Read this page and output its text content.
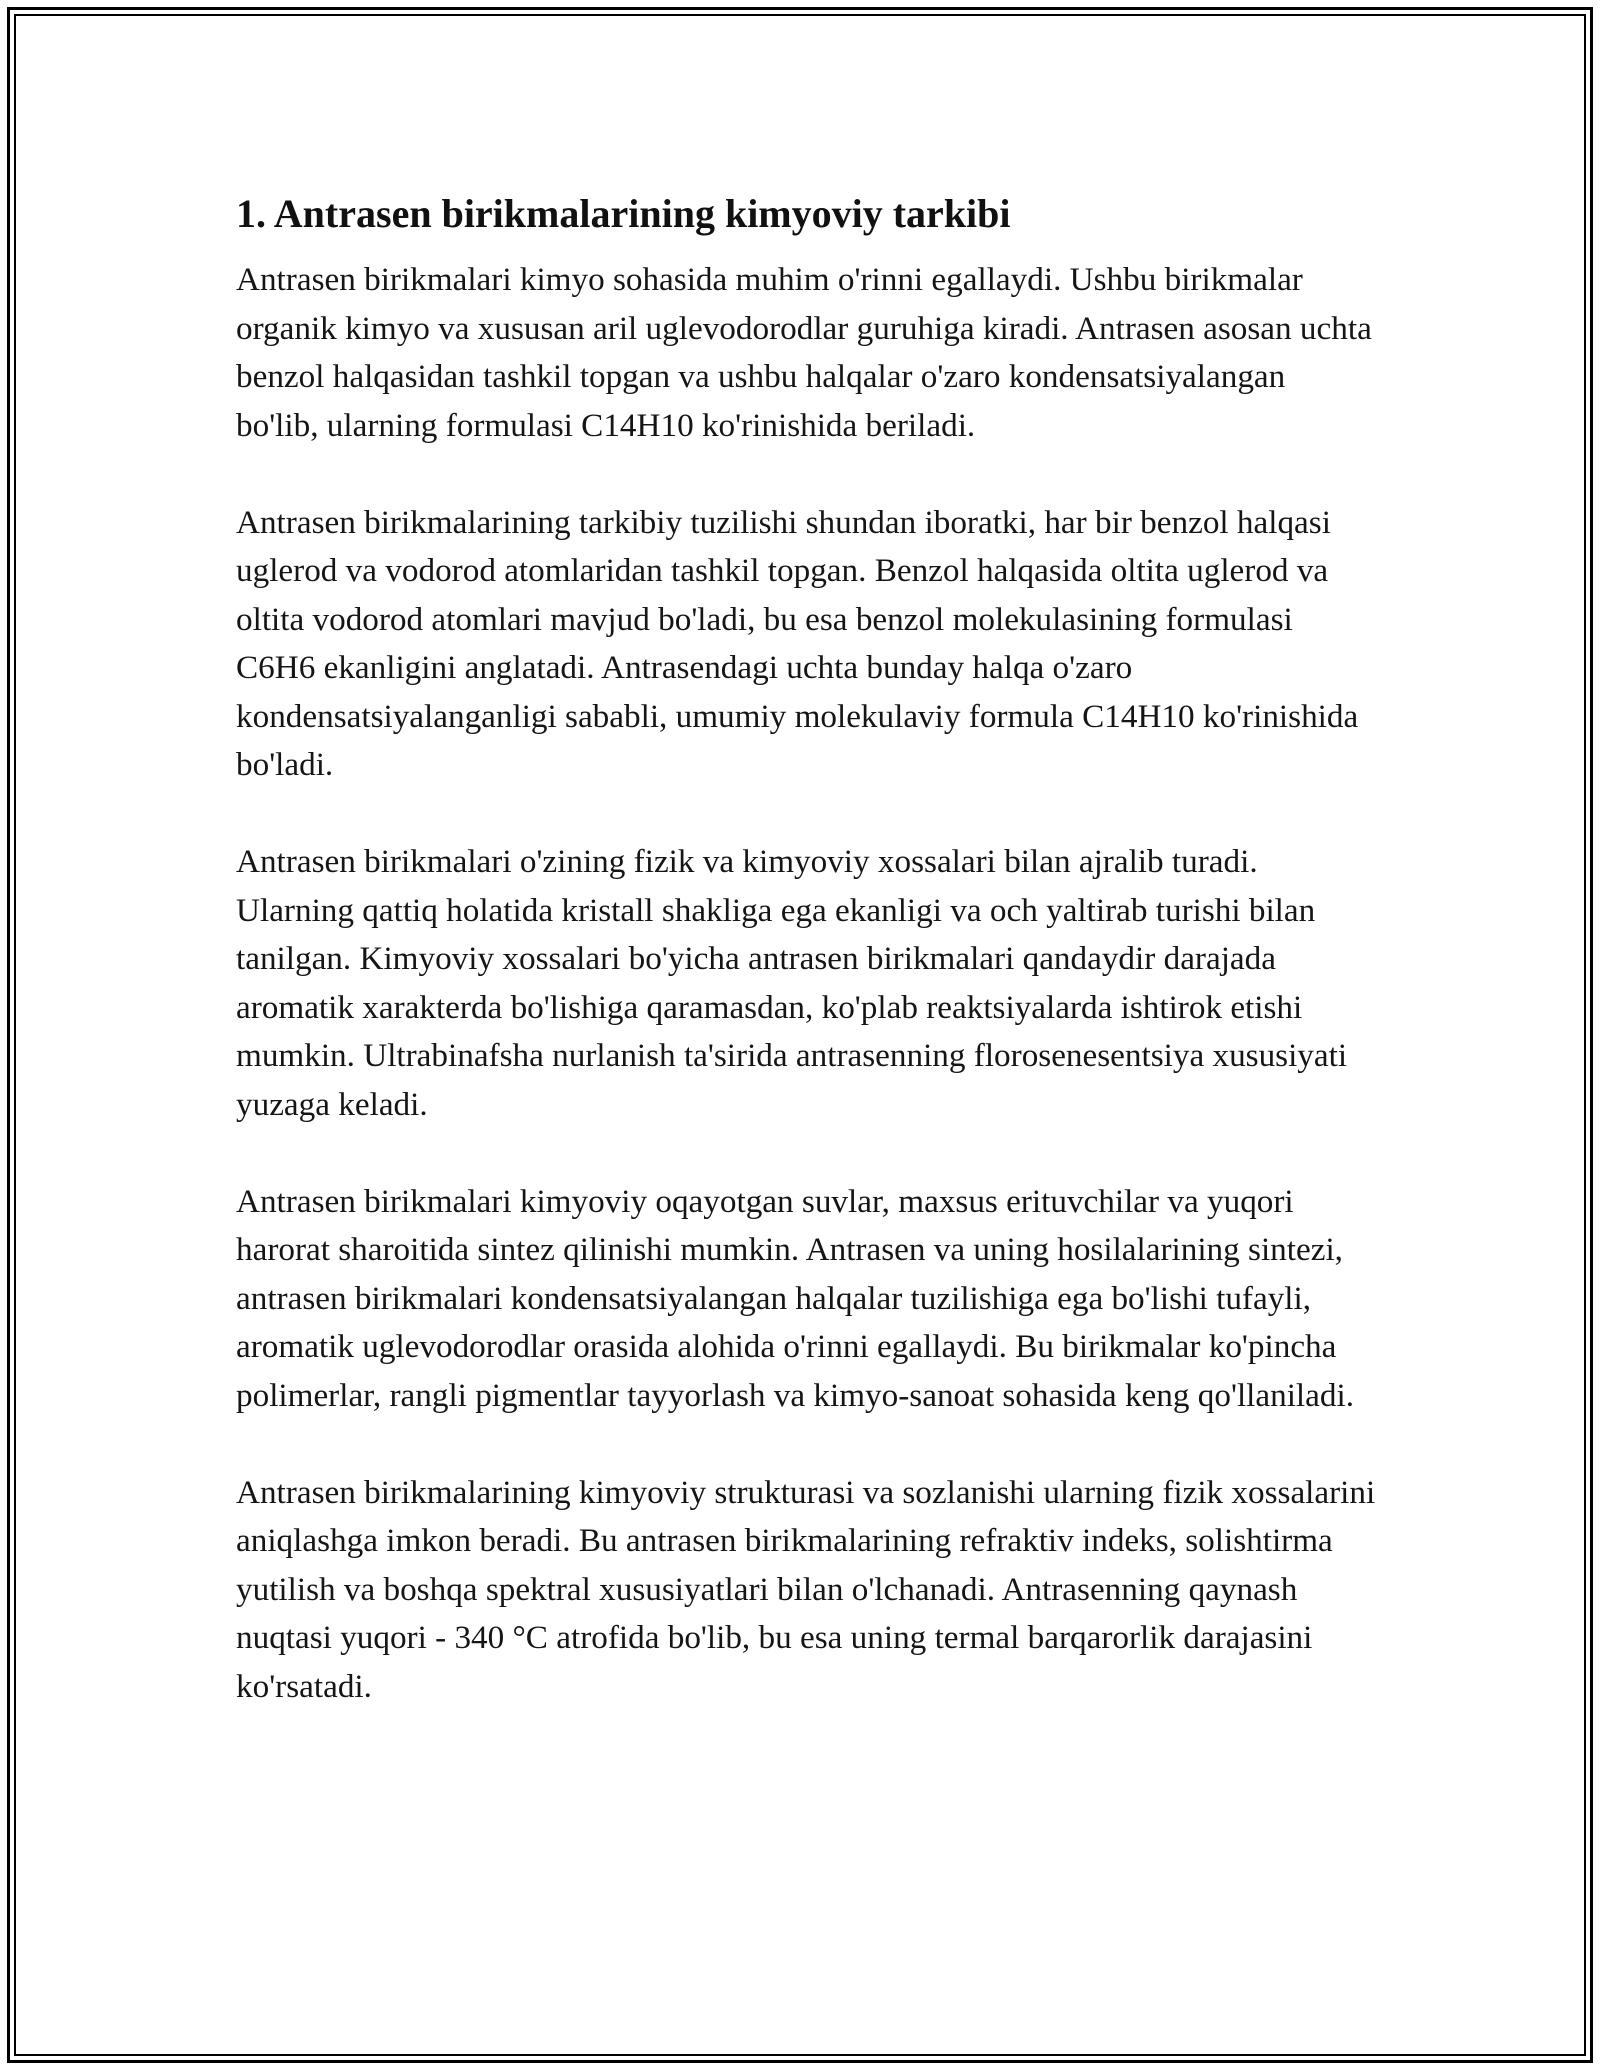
1. Antrasen birikmalarining kimyoviy tarkibi

Antrasen birikmalari kimyo sohasida muhim o'rinni egallaydi. Ushbu birikmalar organik kimyo va xususan aril uglevodorodlar guruhiga kiradi. Antrasen asosan uchta benzol halqasidan tashkil topgan va ushbu halqalar o'zaro kondensatsiyalangan bo'lib, ularning formulasi C14H10 ko'rinishida beriladi.

Antrasen birikmalarining tarkibiy tuzilishi shundan iboratki, har bir benzol halqasi uglerod va vodorod atomlaridan tashkil topgan. Benzol halqasida oltita uglerod va oltita vodorod atomlari mavjud bo'ladi, bu esa benzol molekulasining formulasi C6H6 ekanligini anglatadi. Antrasendagi uchta bunday halqa o'zaro kondensatsiyalanganligi sababli, umumiy molekulaviy formula C14H10 ko'rinishida bo'ladi.

Antrasen birikmalari o'zining fizik va kimyoviy xossalari bilan ajralib turadi. Ularning qattiq holatida kristall shakliga ega ekanligi va och yaltirab turishi bilan tanilgan. Kimyoviy xossalari bo'yicha antrasen birikmalari qandaydir darajada aromatik xarakterda bo'lishiga qaramasdan, ko'plab reaktsiyalarda ishtirok etishi mumkin. Ultrabinafsha nurlanish ta'sirida antrasenning florosenesentsiya xususiyati yuzaga keladi.

Antrasen birikmalari kimyoviy oqayotgan suvlar, maxsus erituvchilar va yuqori harorat sharoitida sintez qilinishi mumkin. Antrasen va uning hosilalarining sintezi, antrasen birikmalari kondensatsiyalangan halqalar tuzilishiga ega bo'lishi tufayli, aromatik uglevodorodlar orasida alohida o'rinni egallaydi. Bu birikmalar ko'pincha polimerlar, rangli pigmentlar tayyorlash va kimyo-sanoat sohasida keng qo'llaniladi.

Antrasen birikmalarining kimyoviy strukturasi va sozlanishi ularning fizik xossalarini aniqlashga imkon beradi. Bu antrasen birikmalarining refraktiv indeks, solishtirma yutilish va boshqa spektral xususiyatlari bilan o'lchanadi. Antrasenning qaynash nuqtasi yuqori - 340 °C atrofida bo'lib, bu esa uning termal barqarorlik darajasini ko'rsatadi.
